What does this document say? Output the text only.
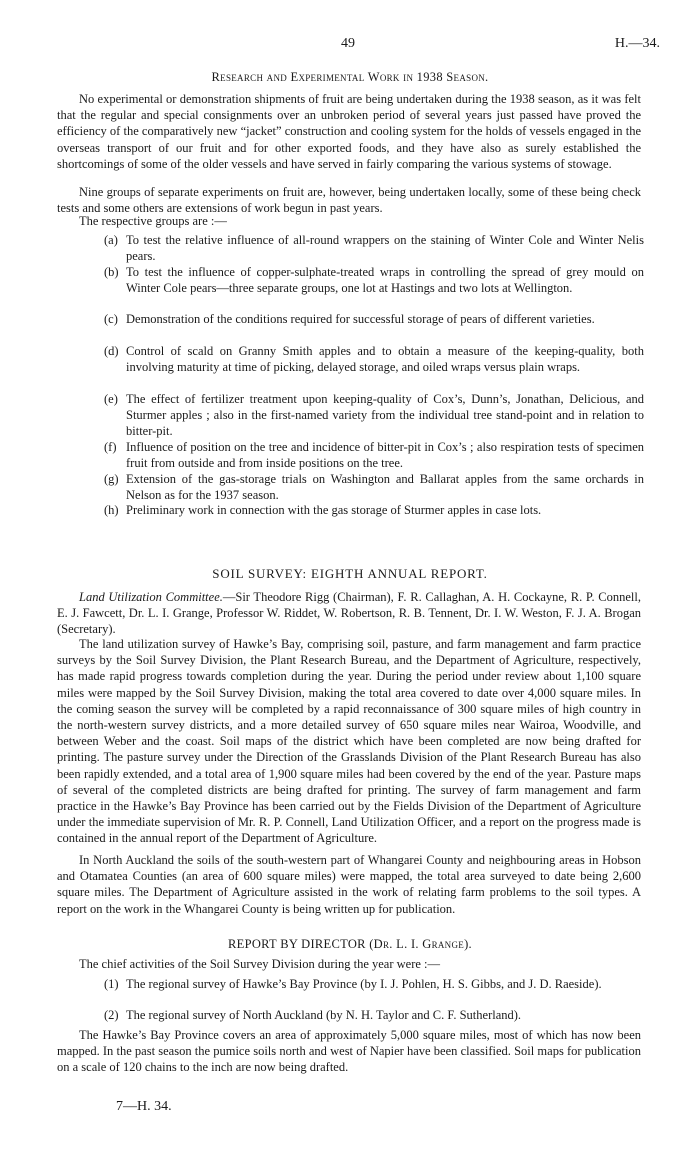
49	H.—34.
Research and Experimental Work in 1938 Season.
No experimental or demonstration shipments of fruit are being undertaken during the 1938 season, as it was felt that the regular and special consignments over an unbroken period of several years just passed have proved the efficiency of the comparatively new “jacket” construction and cooling system for the holds of vessels engaged in the overseas transport of our fruit and for other exported foods, and they have also as surely established the shortcomings of some of the older vessels and have served in fairly comparing the various systems of stowage.
Nine groups of separate experiments on fruit are, however, being undertaken locally, some of these being check tests and some others are extensions of work begun in past years.
The respective groups are :—
(a) To test the relative influence of all-round wrappers on the staining of Winter Cole and Winter Nelis pears.
(b) To test the influence of copper-sulphate-treated wraps in controlling the spread of grey mould on Winter Cole pears—three separate groups, one lot at Hastings and two lots at Wellington.
(c) Demonstration of the conditions required for successful storage of pears of different varieties.
(d) Control of scald on Granny Smith apples and to obtain a measure of the keeping-quality, both involving maturity at time of picking, delayed storage, and oiled wraps versus plain wraps.
(e) The effect of fertilizer treatment upon keeping-quality of Cox’s, Dunn’s, Jonathan, Delicious, and Sturmer apples ; also in the first-named variety from the individual tree stand-point and in relation to bitter-pit.
(f) Influence of position on the tree and incidence of bitter-pit in Cox’s ; also respiration tests of specimen fruit from outside and from inside positions on the tree.
(g) Extension of the gas-storage trials on Washington and Ballarat apples from the same orchards in Nelson as for the 1937 season.
(h) Preliminary work in connection with the gas storage of Sturmer apples in case lots.
SOIL SURVEY: EIGHTH ANNUAL REPORT.
Land Utilization Committee.—Sir Theodore Rigg (Chairman), F. R. Callaghan, A. H. Cockayne, R. P. Connell, E. J. Fawcett, Dr. L. I. Grange, Professor W. Riddet, W. Robertson, R. B. Tennent, Dr. I. W. Weston, F. J. A. Brogan (Secretary).
The land utilization survey of Hawke’s Bay, comprising soil, pasture, and farm management and farm practice surveys by the Soil Survey Division, the Plant Research Bureau, and the Department of Agriculture, respectively, has made rapid progress towards completion during the year. During the period under review about 1,100 square miles were mapped by the Soil Survey Division, making the total area covered to date over 4,000 square miles. In the coming season the survey will be completed by a rapid reconnaissance of 300 square miles of high country in the north-western survey districts, and a more detailed survey of 650 square miles near Wairoa, Woodville, and between Weber and the coast. Soil maps of the district which have been completed are now being drafted for printing. The pasture survey under the Direction of the Grasslands Division of the Plant Research Bureau has also been rapidly extended, and a total area of 1,900 square miles had been covered by the end of the year. Pasture maps of several of the completed districts are being drafted for printing. The survey of farm management and farm practice in the Hawke’s Bay Province has been carried out by the Fields Division of the Department of Agriculture under the immediate supervision of Mr. R. P. Connell, Land Utilization Officer, and a report on the progress made is contained in the annual report of the Department of Agriculture.
In North Auckland the soils of the south-western part of Whangarei County and neighbouring areas in Hobson and Otamatea Counties (an area of 600 square miles) were mapped, the total area surveyed to date being 2,600 square miles. The Department of Agriculture assisted in the work of relating farm problems to the soil types. A report on the work in the Whangarei County is being written up for publication.
REPORT BY DIRECTOR (Dr. L. I. Grange).
The chief activities of the Soil Survey Division during the year were :—
(1) The regional survey of Hawke’s Bay Province (by I. J. Pohlen, H. S. Gibbs, and J. D. Raeside).
(2) The regional survey of North Auckland (by N. H. Taylor and C. F. Sutherland).
The Hawke’s Bay Province covers an area of approximately 5,000 square miles, most of which has now been mapped. In the past season the pumice soils north and west of Napier have been classified. Soil maps for publication on a scale of 120 chains to the inch are now being drafted.
7—H. 34.
